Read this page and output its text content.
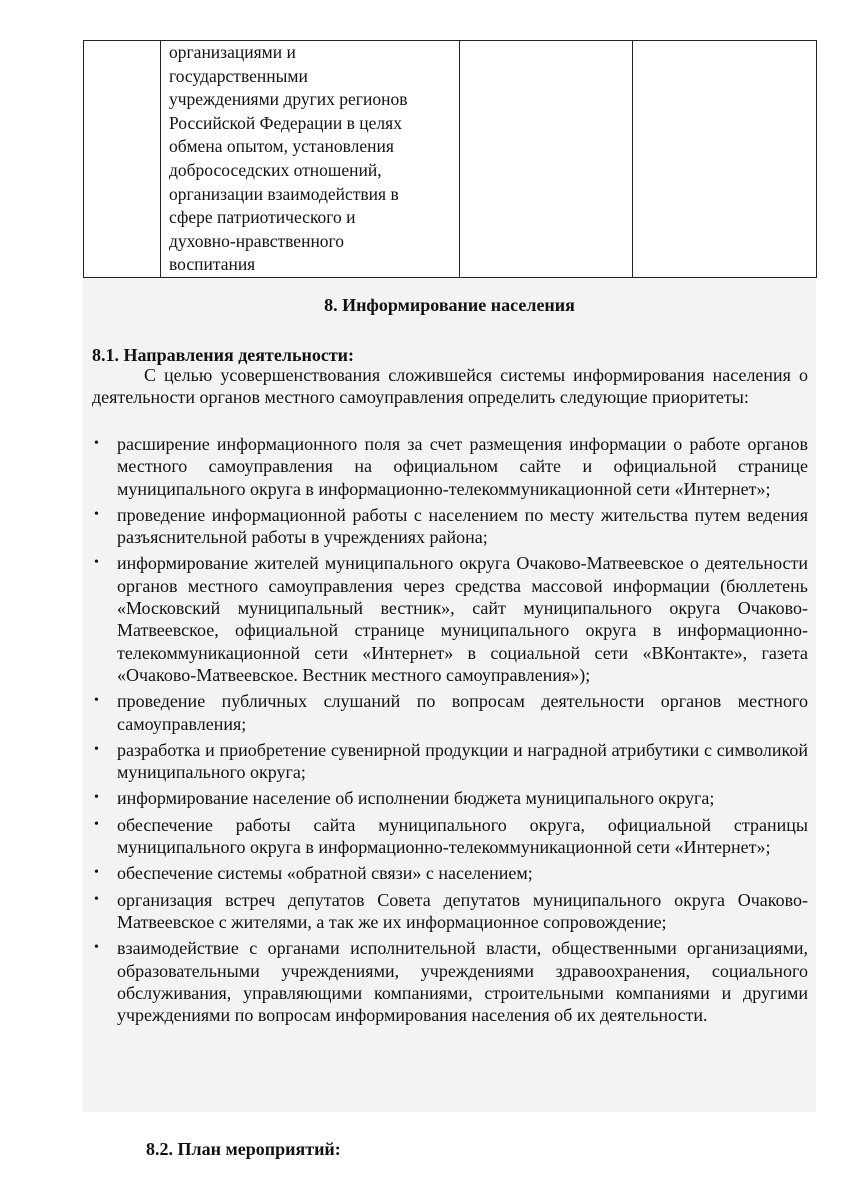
организациями и
государственными
учреждениями других регионов
Российской Федерации в целях
обмена опытом, установления
добрососедских отношений,
организации взаимодействия в
сфере патриотического и
духовно-нравственного
воспитания

8. Информирование населения
8.1. Направления деятельности:

С целью усовершенствования сложившейся системы информирования населения о деятельности органов местного самоуправления определить следующие приоритеты:

• расширение информационного поля за счет размещения информации о работе органов местного самоуправления на официальном сайте и официальной странице муниципального округа в информационно-телекоммуникационной сети «Интернет»;
• проведение информационной работы с населением по месту жительства путем ведения разъяснительной работы в учреждениях района;
• информирование жителей муниципального округа Очаково-Матвеевское о деятельности органов местного самоуправления через средства массовой информации (бюллетень «Московский муниципальный вестник», сайт муниципального округа Очаково-Матвеевское, официальной странице муниципального округа в информационно-телекоммуникационной сети «Интернет» в социальной сети «ВКонтакте», газета «Очаково-Матвеевское. Вестник местного самоуправления»);
• проведение публичных слушаний по вопросам деятельности органов местного самоуправления;
• разработка и приобретение сувенирной продукции и наградной атрибутики с символикой муниципального округа;
• информирование население об исполнении бюджета муниципального округа;
• обеспечение работы сайта муниципального округа, официальной страницы муниципального округа в информационно-телекоммуникационной сети «Интернет»;
• обеспечение системы «обратной связи» с населением;
• организация встреч депутатов Совета депутатов муниципального округа Очаково-Матвеевское с жителями, а так же их информационное сопровождение;
• взаимодействие с органами исполнительной власти, общественными организациями, образовательными учреждениями, учреждениями здравоохранения, социального обслуживания, управляющими компаниями, строительными компаниями и другими учреждениями по вопросам информирования населения об их деятельности.
8.2. План мероприятий:
